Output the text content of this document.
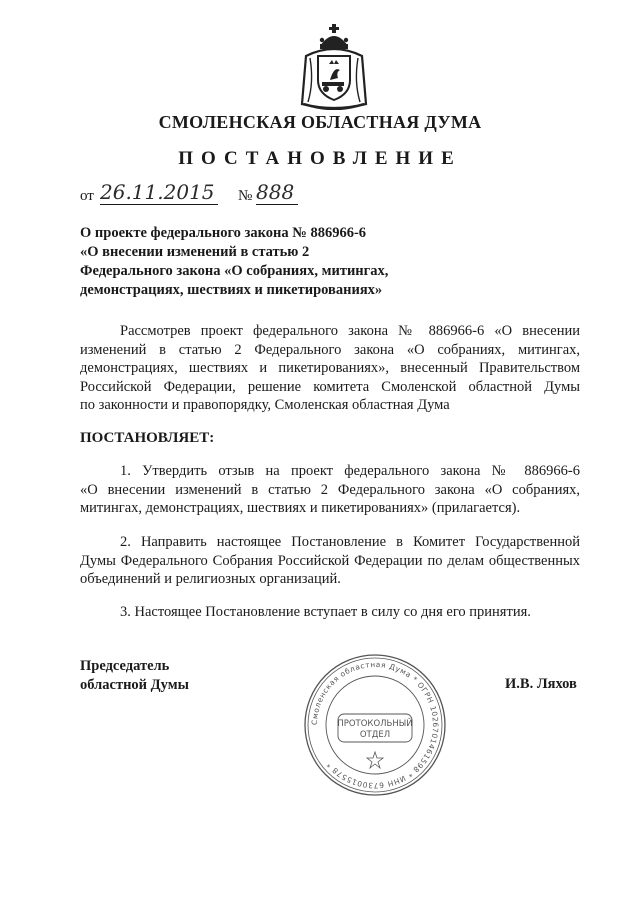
СМОЛЕНСКАЯ ОБЛАСТНАЯ ДУМА
ПОСТАНОВЛЕНИЕ
от 26.11.2015 № 888
О проекте федерального закона № 886966-6
«О внесении изменений в статью 2
Федерального закона «О собраниях, митингах,
демонстрациях, шествиях и пикетированиях»
Рассмотрев проект федерального закона № 886966-6 «О внесении
изменений в статью 2 Федерального закона «О собраниях, митингах,
демонстрациях, шествиях и пикетированиях», внесенный Правительством
Российской Федерации, решение комитета Смоленской областной Думы
по законности и правопорядку, Смоленская областная Дума
ПОСТАНОВЛЯЕТ:
1. Утвердить отзыв на проект федерального закона № 886966-6
«О внесении изменений в статью 2 Федерального закона «О собраниях,
митингах, демонстрациях, шествиях и пикетированиях» (прилагается).
2. Направить настоящее Постановление в Комитет Государственной
Думы Федерального Собрания Российской Федерации по делам общественных
объединений и религиозных организаций.
3. Настоящее Постановление вступает в силу со дня его принятия.
Председатель
областной Думы	И.В. Ляхов
Смоленская областная Дума * ОГРН 1026701461598 * ИНН 6730015578 *
ПРОТОКОЛЬНЫЙ
ОТДЕЛ
